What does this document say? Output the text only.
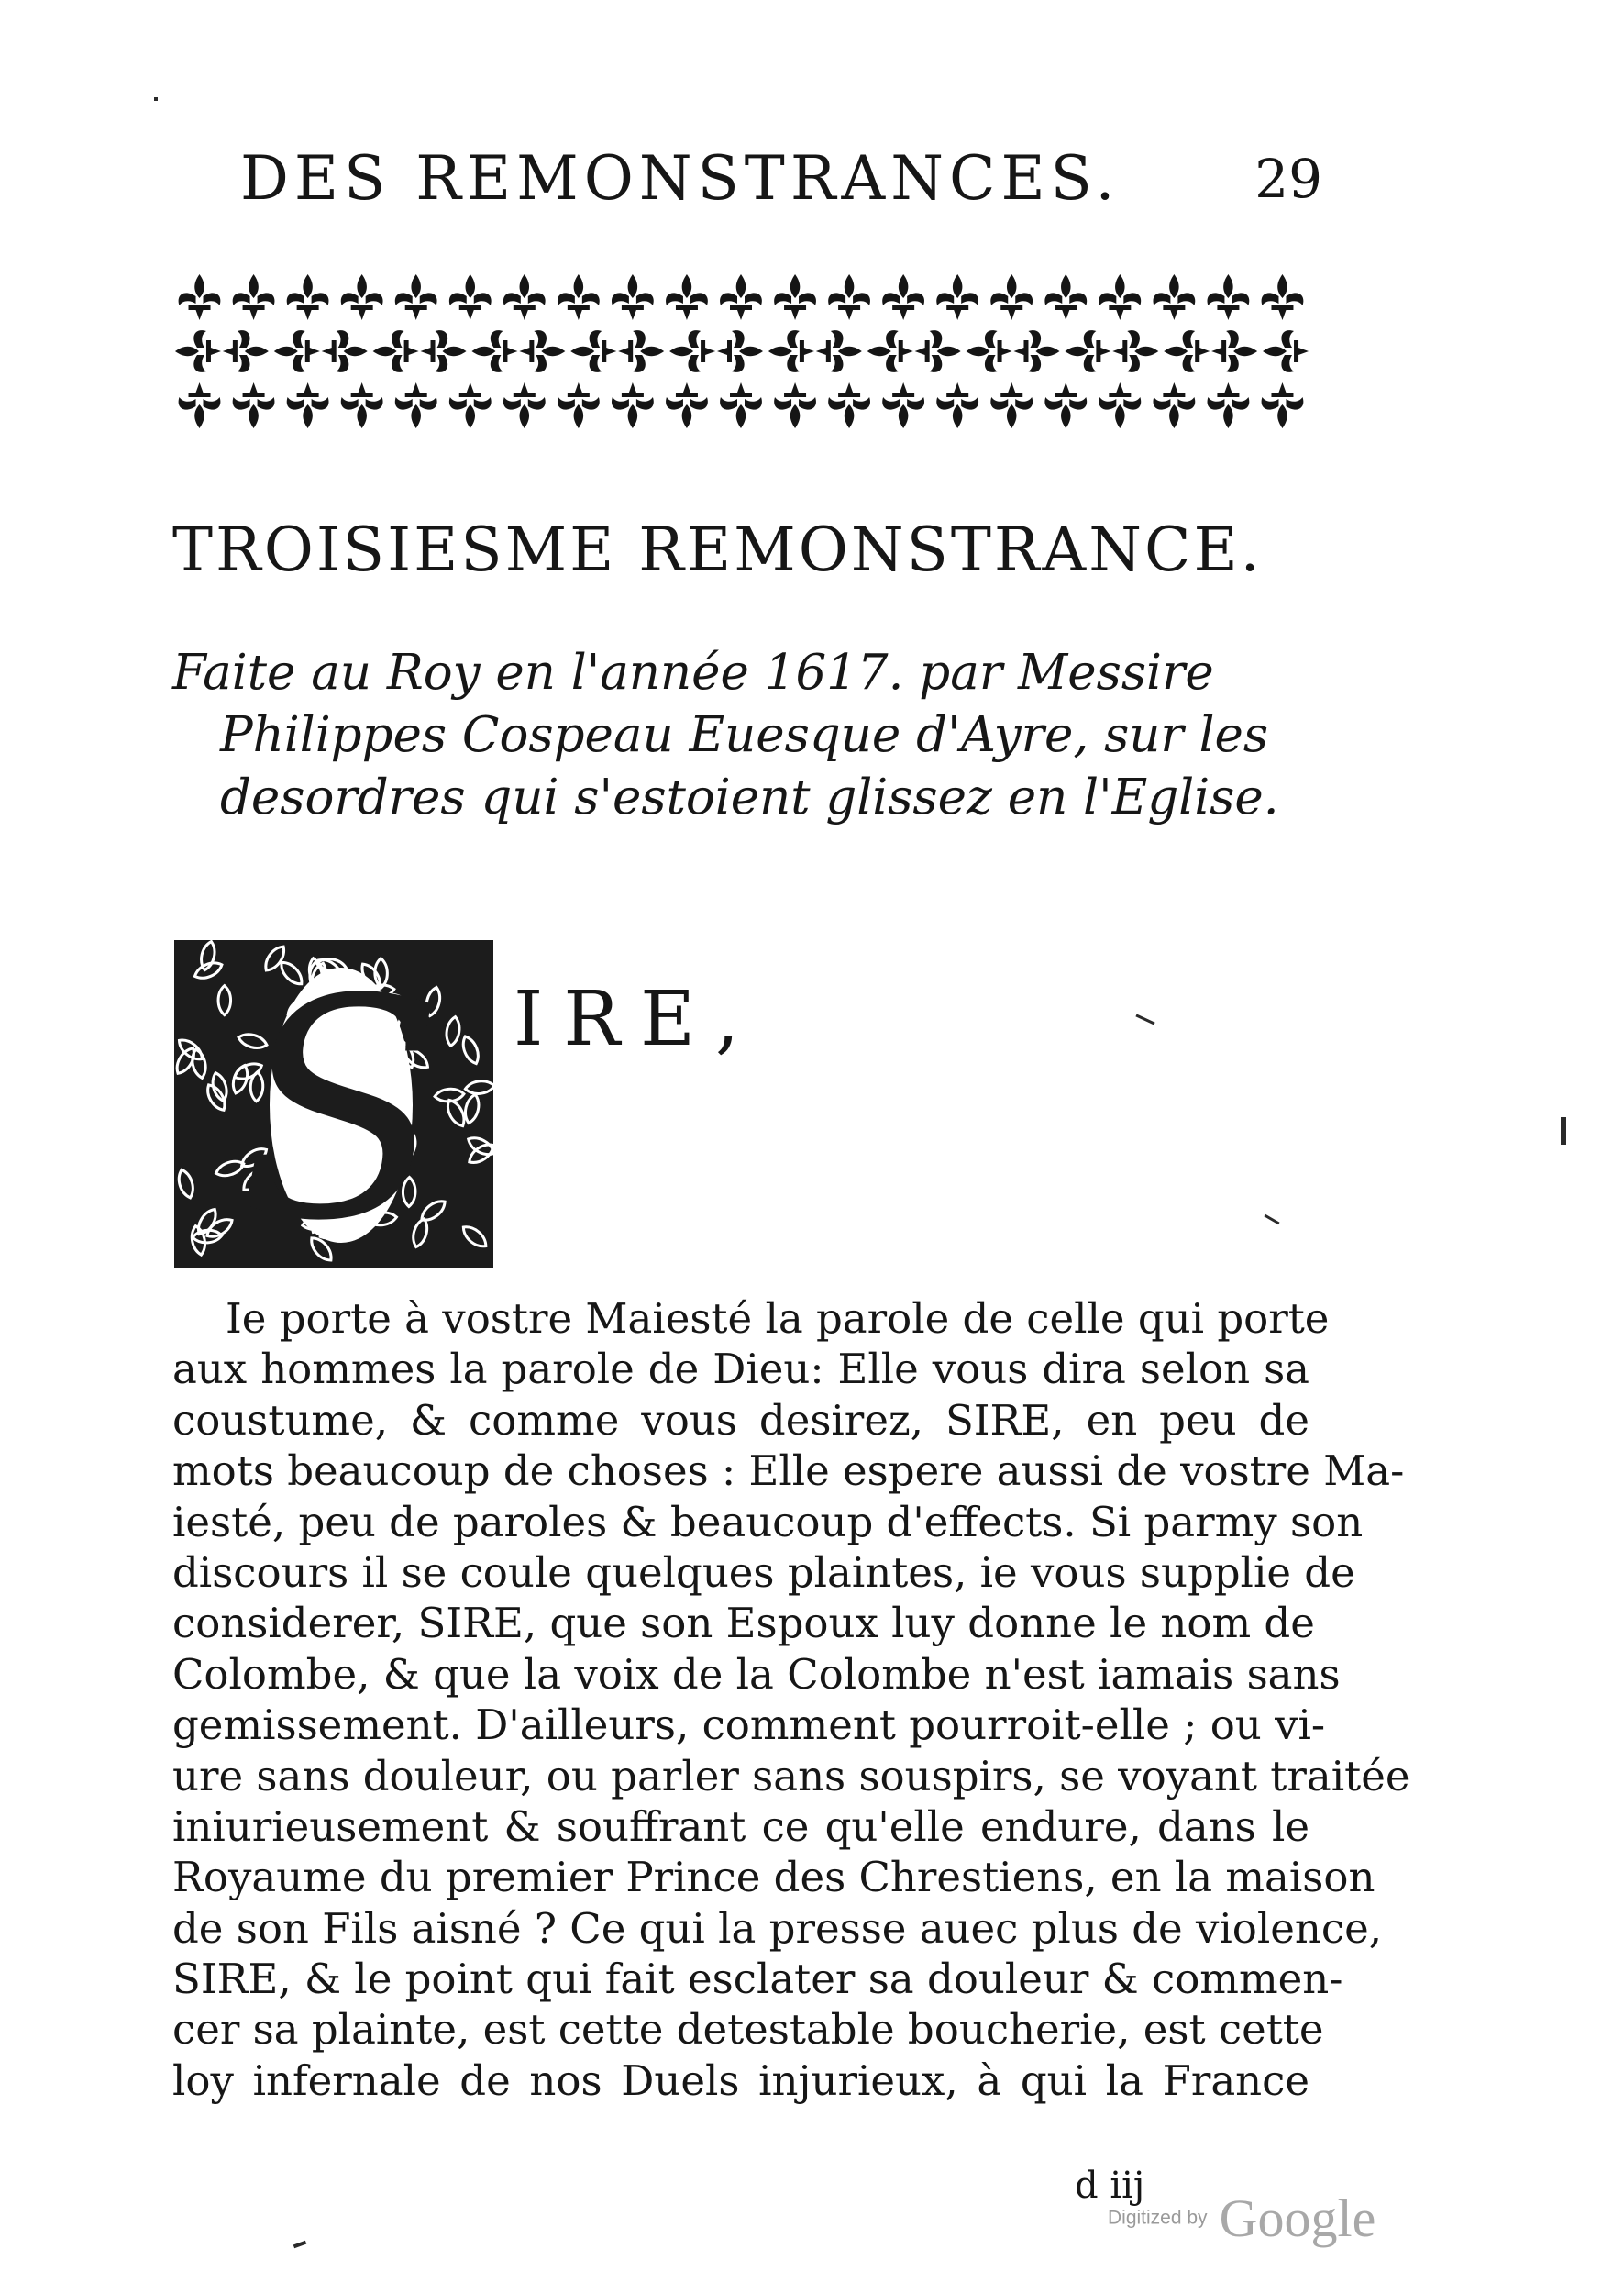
DES REMONSTRANCES.	29
TROISIESME REMONSTRANCE.
Faite au Roy en l'année 1617. par Messire
Philippes Cospeau Euesque d'Ayre, sur les
desordres qui s'estoient glissez en l'Eglise.
S IRE,
Ie porte à vostre Maiesté la parole de celle qui porte
aux hommes la parole de Dieu: Elle vous dira selon sa
coustume, & comme vous desirez, SIRE, en peu de
mots beaucoup de choses : Elle espere aussi de vostre Ma-
iesté, peu de paroles & beaucoup d'effects. Si parmy son
discours il se coule quelques plaintes, ie vous supplie de
considerer, SIRE, que son Espoux luy donne le nom de
Colombe, & que la voix de la Colombe n'est iamais sans
gemissement. D'ailleurs, comment pourroit-elle ; ou vi-
ure sans douleur, ou parler sans souspirs, se voyant traitée
iniurieusement & souffrant ce qu'elle endure, dans le
Royaume du premier Prince des Chrestiens, en la maison
de son Fils aisné ? Ce qui la presse auec plus de violence,
SIRE, & le point qui fait esclater sa douleur & commen-
cer sa plainte, est cette detestable boucherie, est cette
loy infernale de nos Duels injurieux, à qui la France
d iij
Digitized by Google
